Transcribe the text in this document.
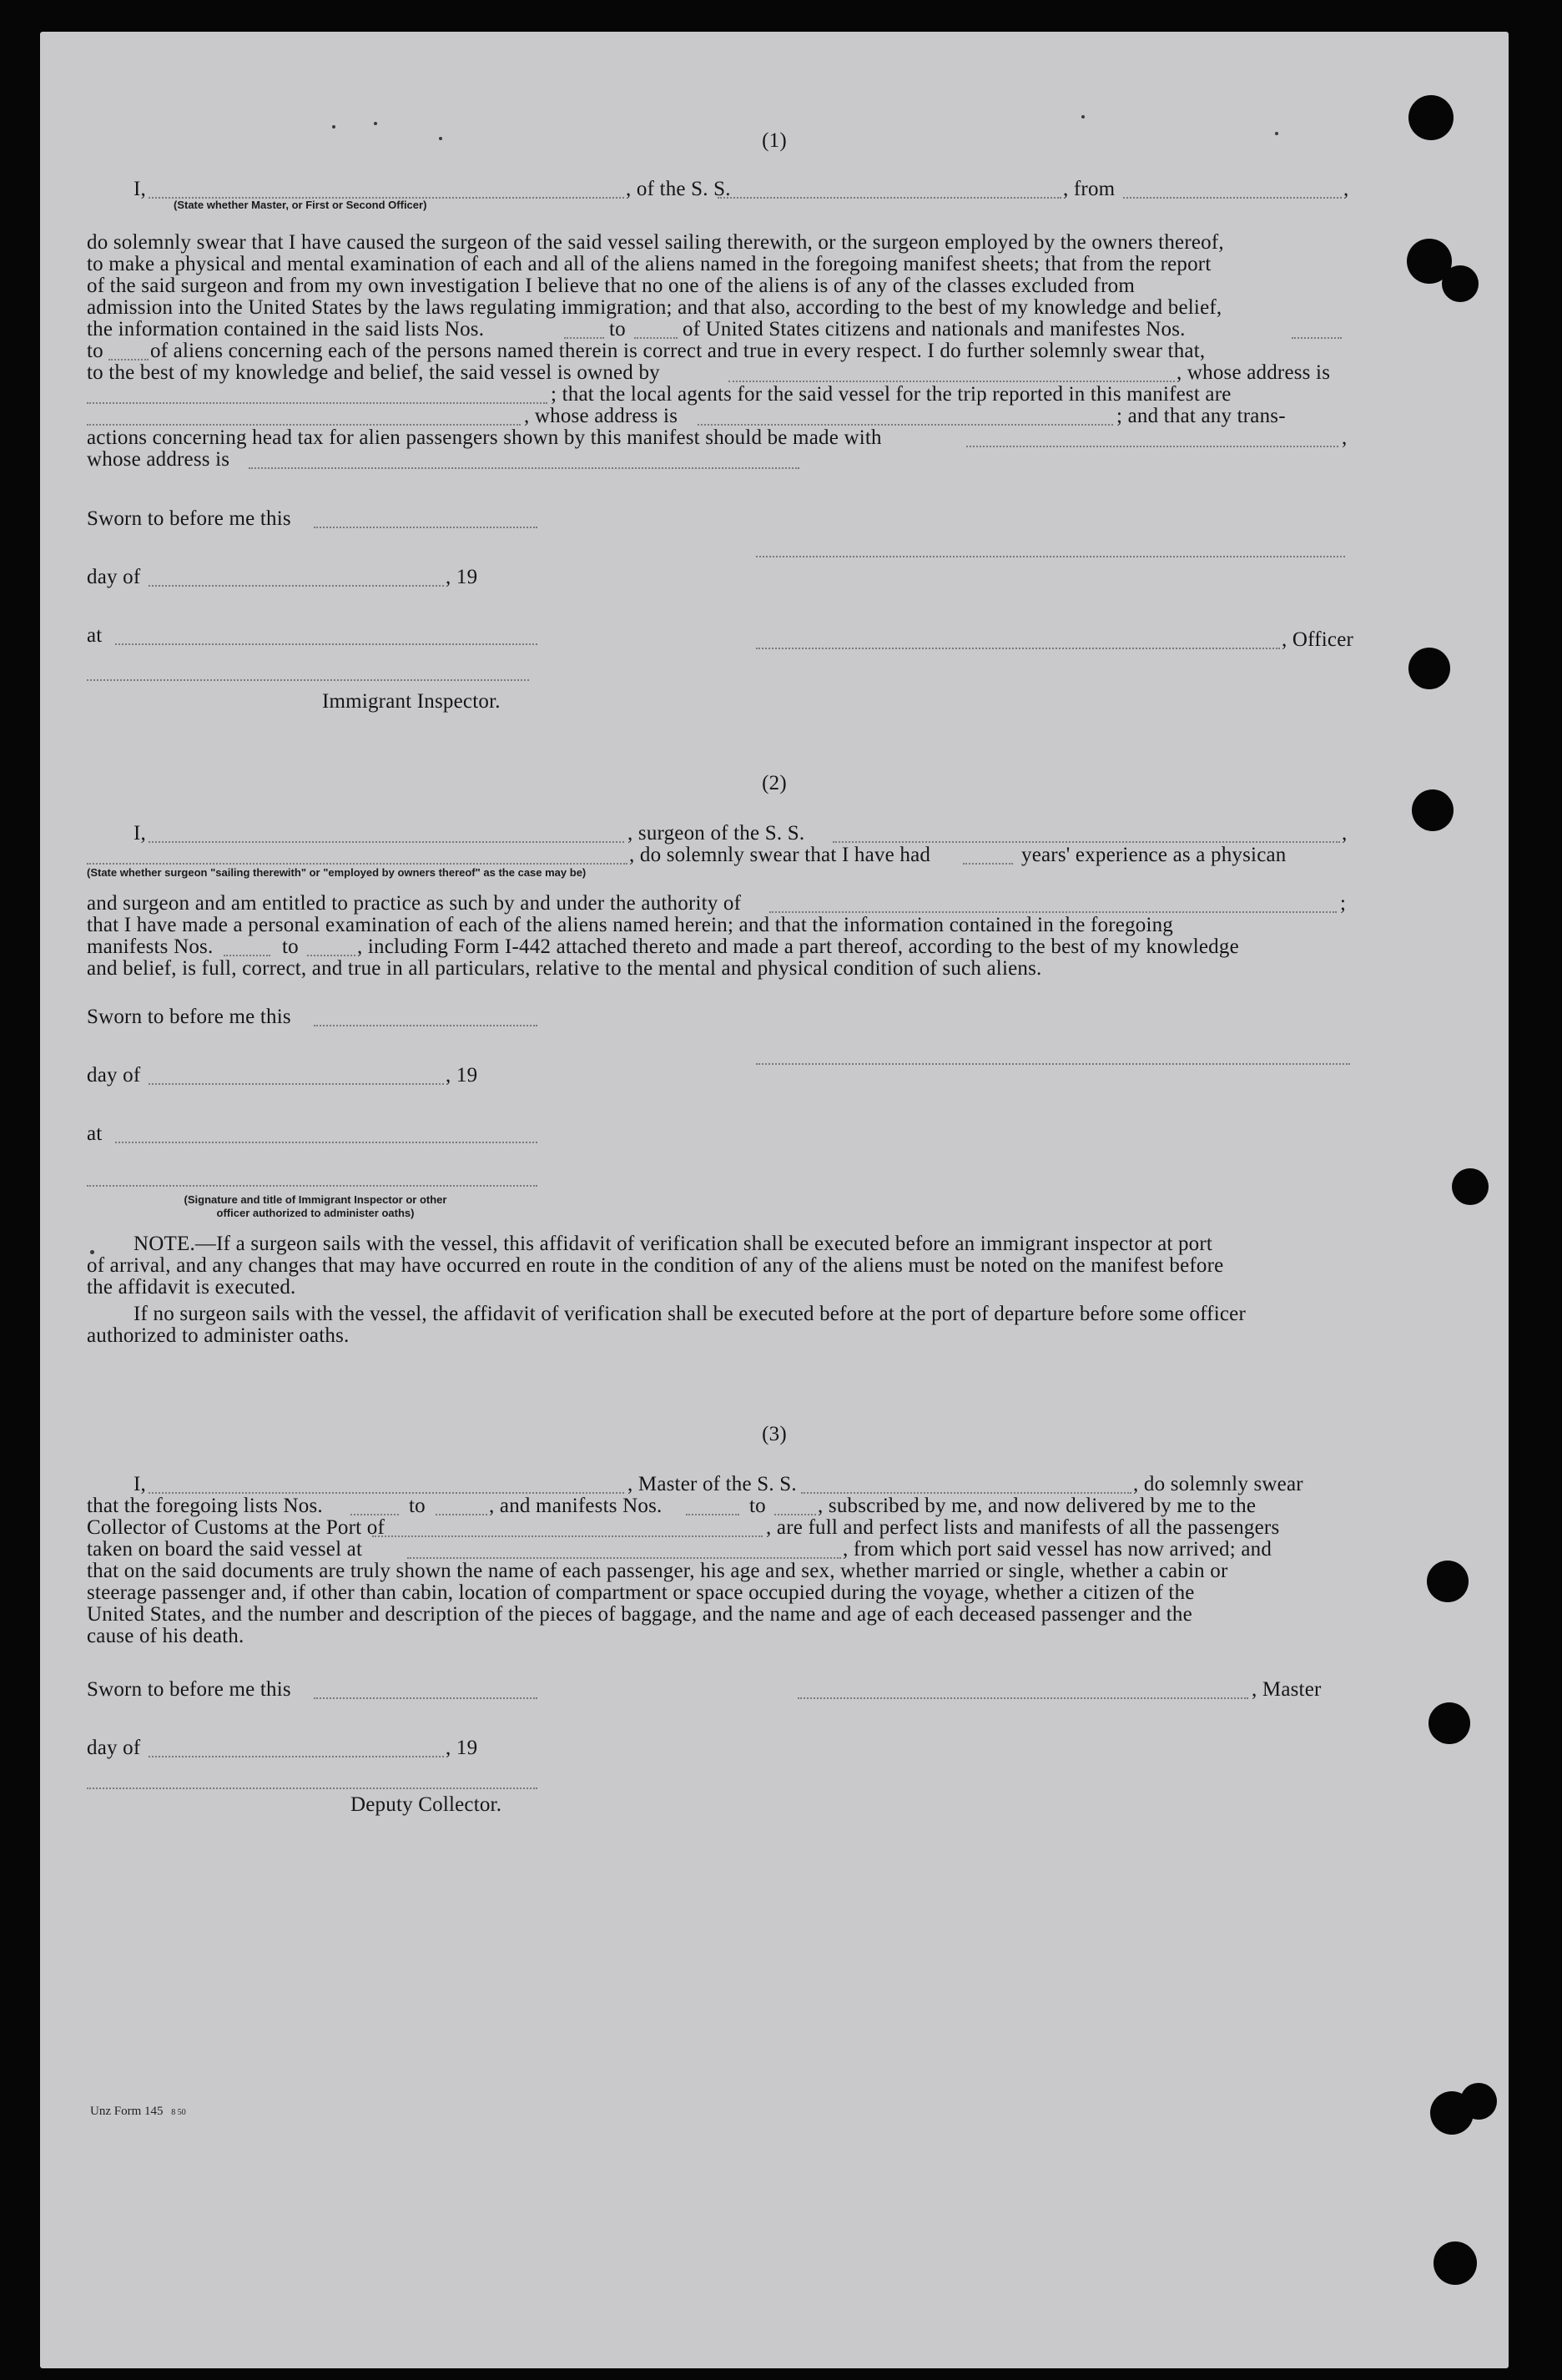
(1)
I,	, of the S. S.	, from	,
(State whether Master, or First or Second Officer)
do solemnly swear that I have caused the surgeon of the said vessel sailing therewith, or the surgeon employed by the owners thereof,
to make a physical and mental examination of each and all of the aliens named in the foregoing manifest sheets; that from the report
of the said surgeon and from my own investigation I believe that no one of the aliens is of any of the classes excluded from
admission into the United States by the laws regulating immigration; and that also, according to the best of my knowledge and belief,
the information contained in the said lists Nos.	to	of United States citizens and nationals and manifestes Nos.
to of aliens concerning each of the persons named therein is correct and true in every respect. I do further solemnly swear that,
to the best of my knowledge and belief, the said vessel is owned by	, whose address is
; that the local agents for the said vessel for the trip reported in this manifest are
, whose address is	; and that any trans-
actions concerning head tax for alien passengers shown by this manifest should be made with	,
whose address is
Sworn to before me this
day of	, 19
at	, Officer
Immigrant Inspector.
(2)
I,	, surgeon of the S. S.	,
, do solemnly swear that I have had	years' experience as a physican
(State whether surgeon "sailing therewith" or "employed by owners thereof" as the case may be)
and surgeon and am entitled to practice as such by and under the authority of	;
that I have made a personal examination of each of the aliens named herein; and that the information contained in the foregoing
manifests Nos.	to	, including Form I-442 attached thereto and made a part thereof, according to the best of my knowledge
and belief, is full, correct, and true in all particulars, relative to the mental and physical condition of such aliens.
Sworn to before me this
day of	, 19
at
(Signature and title of Immigrant Inspector or other
officer authorized to administer oaths)
NOTE.—If a surgeon sails with the vessel, this affidavit of verification shall be executed before an immigrant inspector at port
of arrival, and any changes that may have occurred en route in the condition of any of the aliens must be noted on the manifest before
the affidavit is executed.
If no surgeon sails with the vessel, the affidavit of verification shall be executed before at the port of departure before some officer
authorized to administer oaths.
(3)
I,	, Master of the S. S.	, do solemnly swear
that the foregoing lists Nos.	to	, and manifests Nos.	to , subscribed by me, and now delivered by me to the
Collector of Customs at the Port of	, are full and perfect lists and manifests of all the passengers
taken on board the said vessel at	, from which port said vessel has now arrived; and
that on the said documents are truly shown the name of each passenger, his age and sex, whether married or single, whether a cabin or
steerage passenger and, if other than cabin, location of compartment or space occupied during the voyage, whether a citizen of the
United States, and the number and description of the pieces of baggage, and the name and age of each deceased passenger and the
cause of his death.
Sworn to before me this	, Master
day of	, 19
Deputy Collector.
Unz Form 145 8 50
